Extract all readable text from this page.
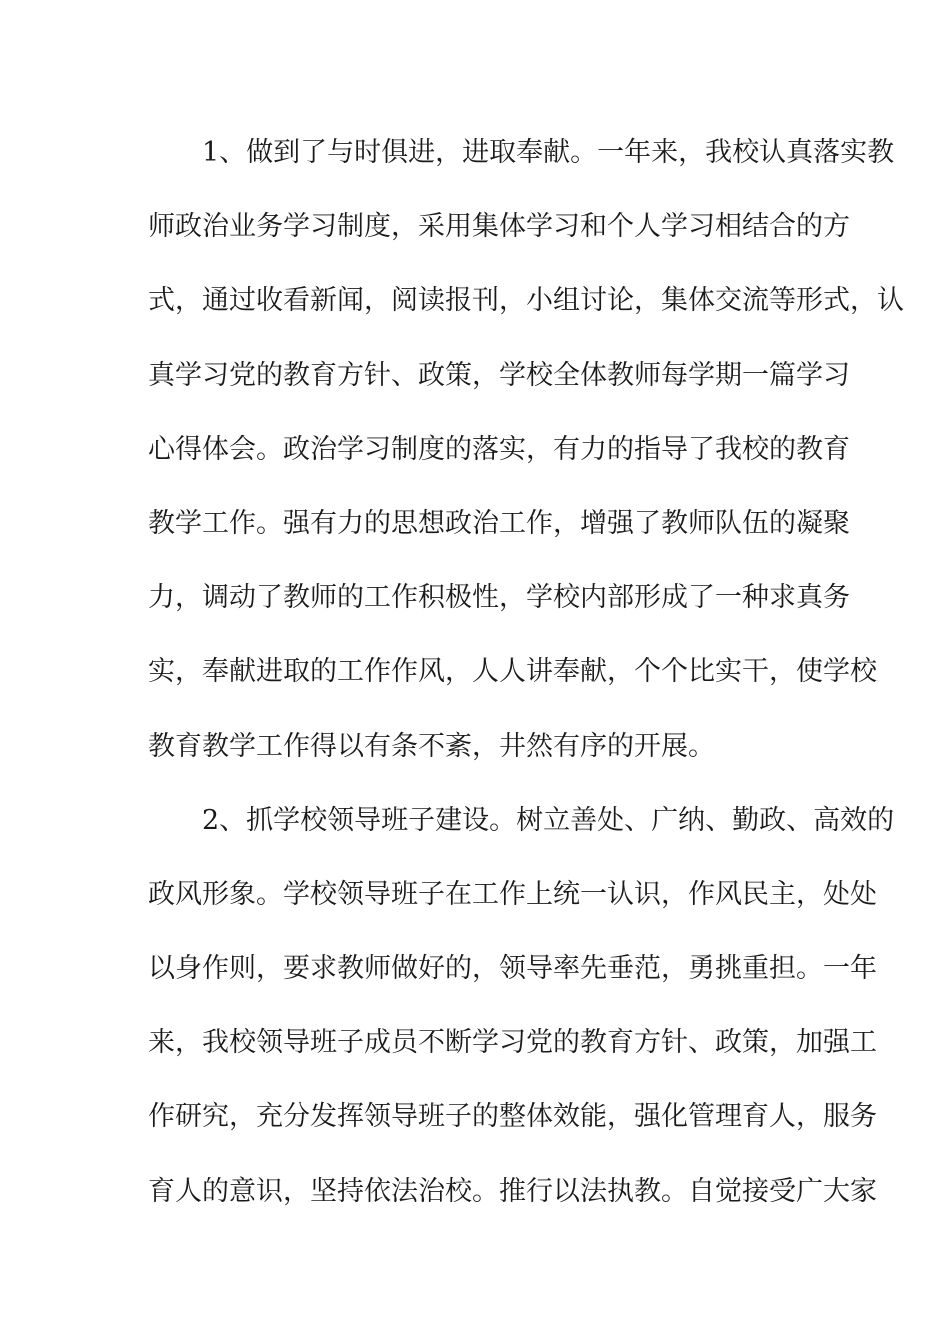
1、做到了与时俱进，进取奉献。一年来，我校认真落实教
师政治业务学习制度，采用集体学习和个人学习相结合的方
式，通过收看新闻，阅读报刊，小组讨论，集体交流等形式，认
真学习党的教育方针、政策，学校全体教师每学期一篇学习
心得体会。政治学习制度的落实，有力的指导了我校的教育
教学工作。强有力的思想政治工作，增强了教师队伍的凝聚
力，调动了教师的工作积极性，学校内部形成了一种求真务
实，奉献进取的工作作风，人人讲奉献，个个比实干，使学校
教育教学工作得以有条不紊，井然有序的开展。
2、抓学校领导班子建设。树立善处、广纳、勤政、高效的
政风形象。学校领导班子在工作上统一认识，作风民主，处处
以身作则，要求教师做好的，领导率先垂范，勇挑重担。一年
来，我校领导班子成员不断学习党的教育方针、政策，加强工
作研究，充分发挥领导班子的整体效能，强化管理育人，服务
育人的意识，坚持依法治校。推行以法执教。自觉接受广大家
